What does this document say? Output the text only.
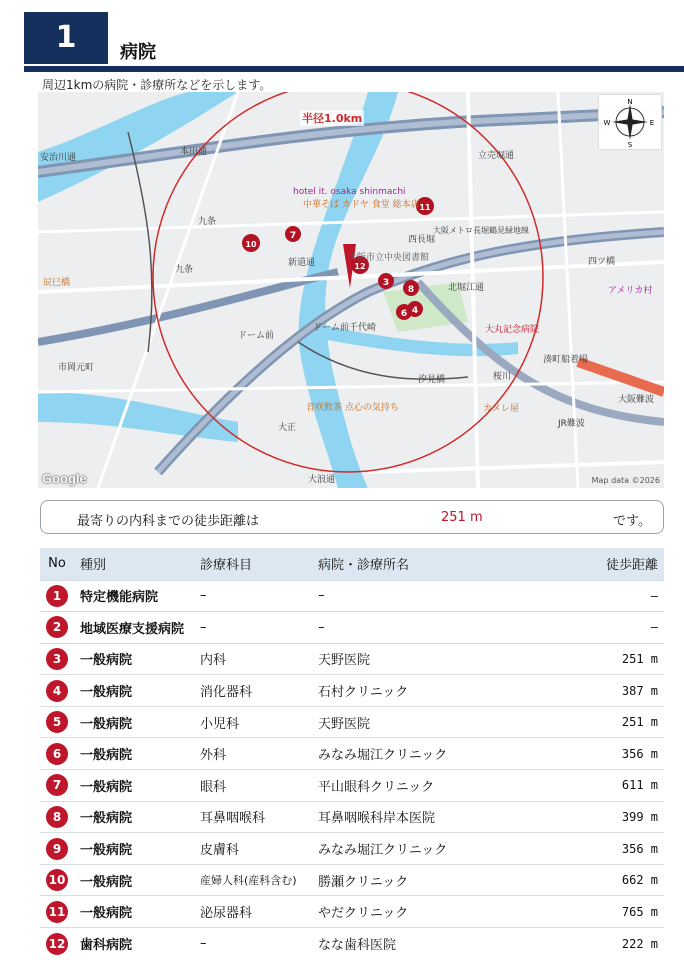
1	病院
周辺1kmの病院・診療所などを示します。
3
4
6
7
8
10
11
12
本田通
九条
九条
新道通	大阪市立中央図書館
西長堀
北堀江通
四ツ橋
アメリカ村
大丸記念病院
ドーム前千代崎
ドーム前
汐見橋	桜川
湊町船着場
大阪難波
JR難波
大正
大浪通
辰巳橋
市岡元町
昔咲飲茶 点心の気持ち	カメレ屋
安治川通
大阪メトロ長堀鶴見緑地線
立売堀通
hotel it. osaka shinmachi
中華そば カドヤ 食堂 総本店
半径1.0km
N
E
S
W
Google	Map data ©2026
最寄りの内科までの徒歩距離は	251 m	です。
No	種別	診療科目	病院・診療所名	徒歩距離
1	特定機能病院	–	–	–
2	地域医療支援病院	–	–	–
3	一般病院	内科	天野医院	251 m
4	一般病院	消化器科	石村クリニック	387 m
5	一般病院	小児科	天野医院	251 m
6	一般病院	外科	みなみ堀江クリニック	356 m
7	一般病院	眼科	平山眼科クリニック	611 m
8	一般病院	耳鼻咽喉科	耳鼻咽喉科岸本医院	399 m
9	一般病院	皮膚科	みなみ堀江クリニック	356 m
10	一般病院	産婦人科(産科含む)	勝瀬クリニック	662 m
11	一般病院	泌尿器科	やだクリニック	765 m
12	歯科病院	–	なな歯科医院	222 m
